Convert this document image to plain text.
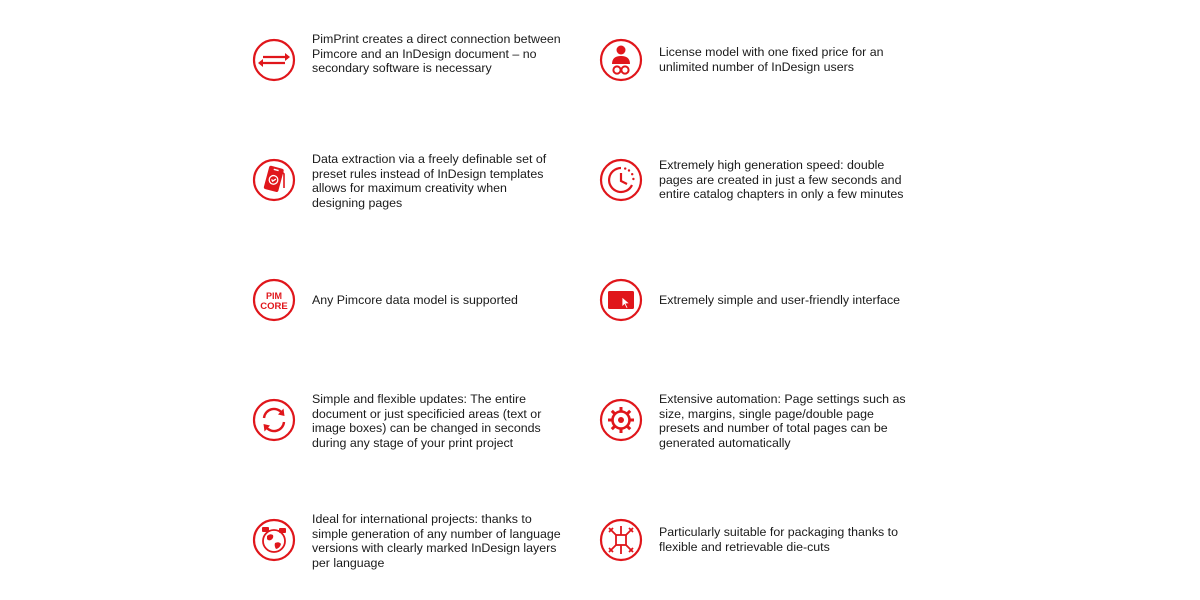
PimPrint creates a direct connection between Pimcore and an InDesign document – no secondary software is necessary
License model with one fixed price for an unlimited number of InDesign users
Data extraction via a freely definable set of preset rules instead of InDesign templates allows for maximum creativity when designing pages
Extremely high generation speed: double pages are created in just a few seconds and entire catalog chapters in only a few minutes
PIM
CORE Any Pimcore data model is supported	Extremely simple and user-friendly interface
Simple and flexible updates: The entire document or just specificied areas (text or image boxes) can be changed in seconds during any stage of your print project
Extensive automation: Page settings such as size, margins, single page/double page presets and number of total pages can be generated automatically
Ideal for international projects: thanks to simple generation of any number of language versions with clearly marked InDesign layers per language
Particularly suitable for packaging thanks to flexible and retrievable die-cuts
